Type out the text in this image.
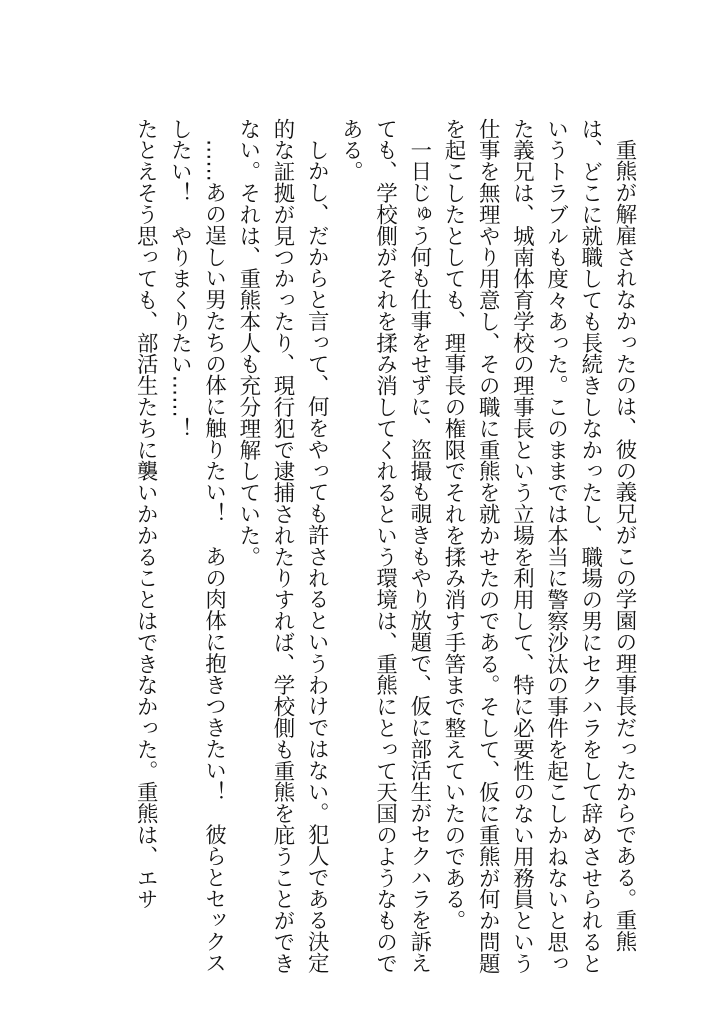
重熊が解雇されなかったのは、彼の義兄がこの学園の理事長だったからである。重熊は、どこに就職しても長続きしなかったし、職場の男にセクハラをして辞めさせられるというトラブルも度々あった。このままでは本当に警察沙汰の事件を起こしかねないと思った義兄は、城南体育学校の理事長という立場を利用して、特に必要性のない用務員という仕事を無理やり用意し、その職に重熊を就かせたのである。そして、仮に重熊が何か問題を起こしたとしても、理事長の権限でそれを揉み消す手筈まで整えていたのである。

一日じゅう何も仕事をせずに、盗撮も覗きもやり放題で、仮に部活生がセクハラを訴えても、学校側がそれを揉み消してくれるという環境は、重熊にとって天国のようなものである。

しかし、だからと言って、何をやっても許されるというわけではない。犯人である決定的な証拠が見つかったり、現行犯で逮捕されたりすれば、学校側も重熊を庇うことができない。それは、重熊本人も充分理解していた。

……あの逞しい男たちの体に触りたい！　あの肉体に抱きつきたい！　彼らとセックスしたい！　やりまくりたい……！

たとえそう思っても、部活生たちに襲いかかることはできなかった。重熊は、エサ
